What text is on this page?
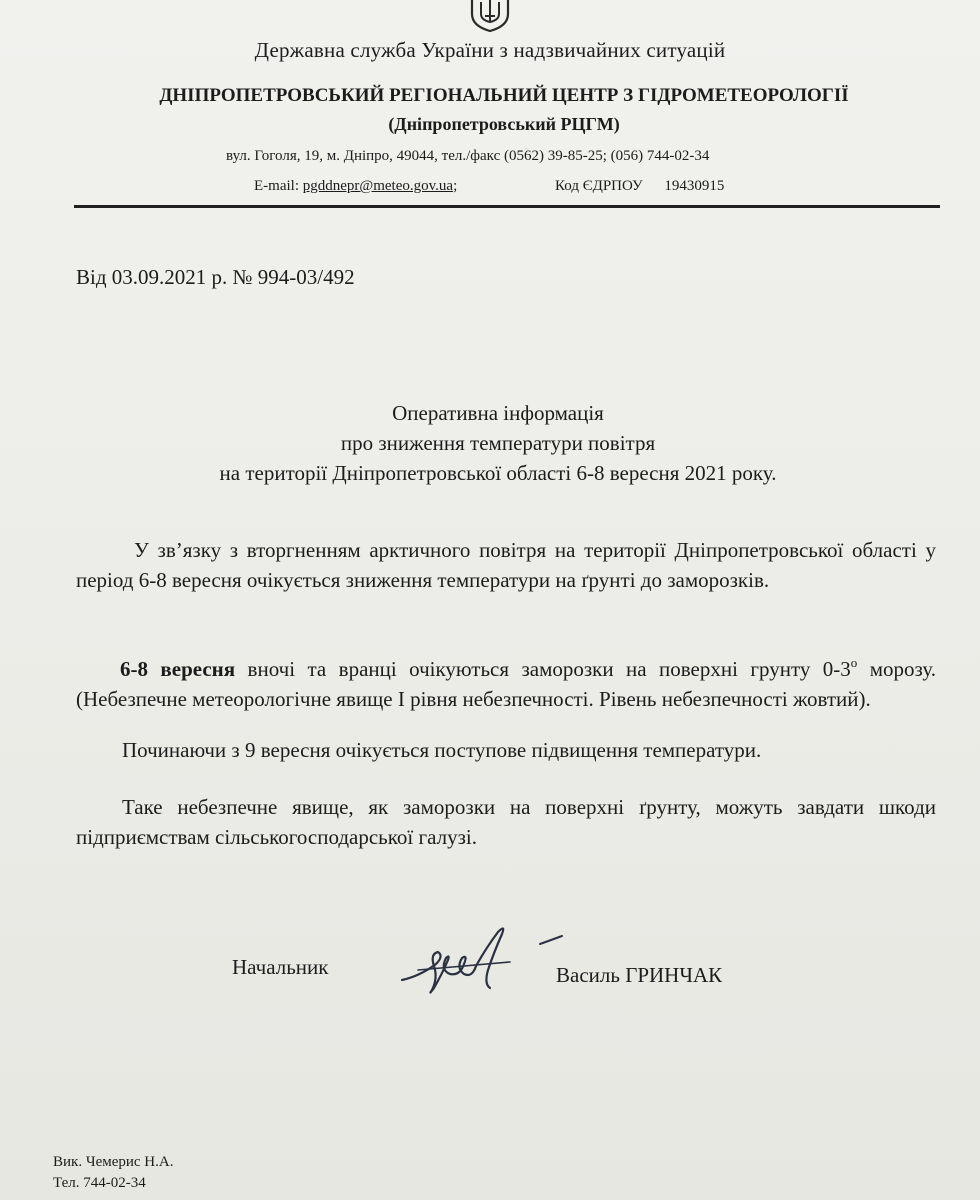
Державна служба України з надзвичайних ситуацій
ДНІПРОПЕТРОВСЬКИЙ РЕГІОНАЛЬНИЙ ЦЕНТР З ГІДРОМЕТЕОРОЛОГІЇ
(Дніпропетровський РЦГМ)
вул. Гоголя, 19, м. Дніпро, 49044, тел./факс (0562) 39-85-25; (056) 744-02-34
E-mail: pgddnepr@meteo.gov.ua;	Код ЄДРПОУ 19430915
Від 03.09.2021 р. № 994-03/492
Оперативна інформація
про зниження температури повітря
на території Дніпропетровської області 6-8 вересня 2021 року.

У зв’язку з вторгненням арктичного повітря на території Дніпропетровської області у період 6-8 вересня очікується зниження температури на ґрунті до заморозків.

6-8 вересня вночі та вранці очікуються заморозки на поверхні грунту $0-3^о$ морозу. (Небезпечне метеорологічне явище І рівня небезпечності. Рівень небезпечності жовтий).

Починаючи з 9 вересня очікується поступове підвищення температури.

Таке небезпечне явище, як заморозки на поверхні ґрунту, можуть завдати шкоди підприємствам сільськогосподарської галузі.

Начальник	Василь ГРИНЧАК
Вик. Чемерис Н.А.
Тел. 744-02-34
